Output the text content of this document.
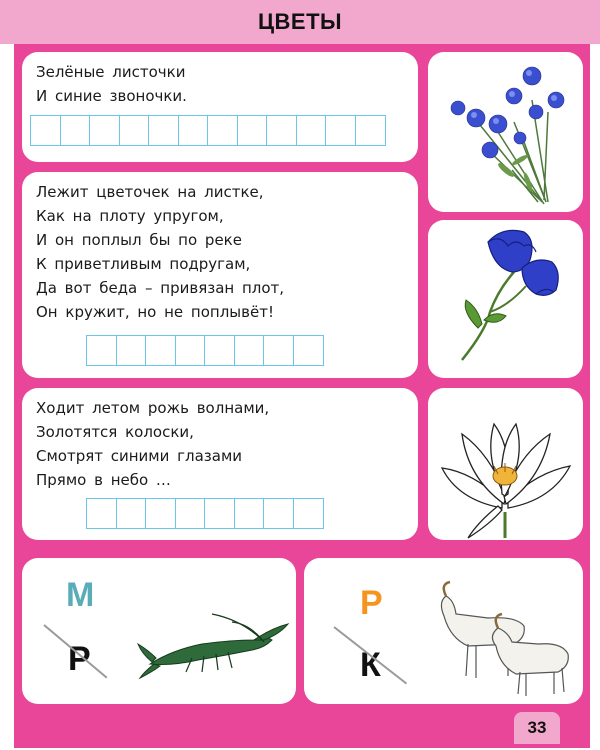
ЦВЕТЫ
Зелёные листочки
И синие звоночки.
Лежит цветочек на листке,
Как на плоту упругом,
И он поплыл бы по реке
К приветливым подругам,
Да вот беда – привязан плот,
Он кружит, но не поплывёт!
Ходит летом рожь волнами,
Золотятся колоски,
Смотрят синими глазами
Прямо в небо …
М
Р
Р
К
33
